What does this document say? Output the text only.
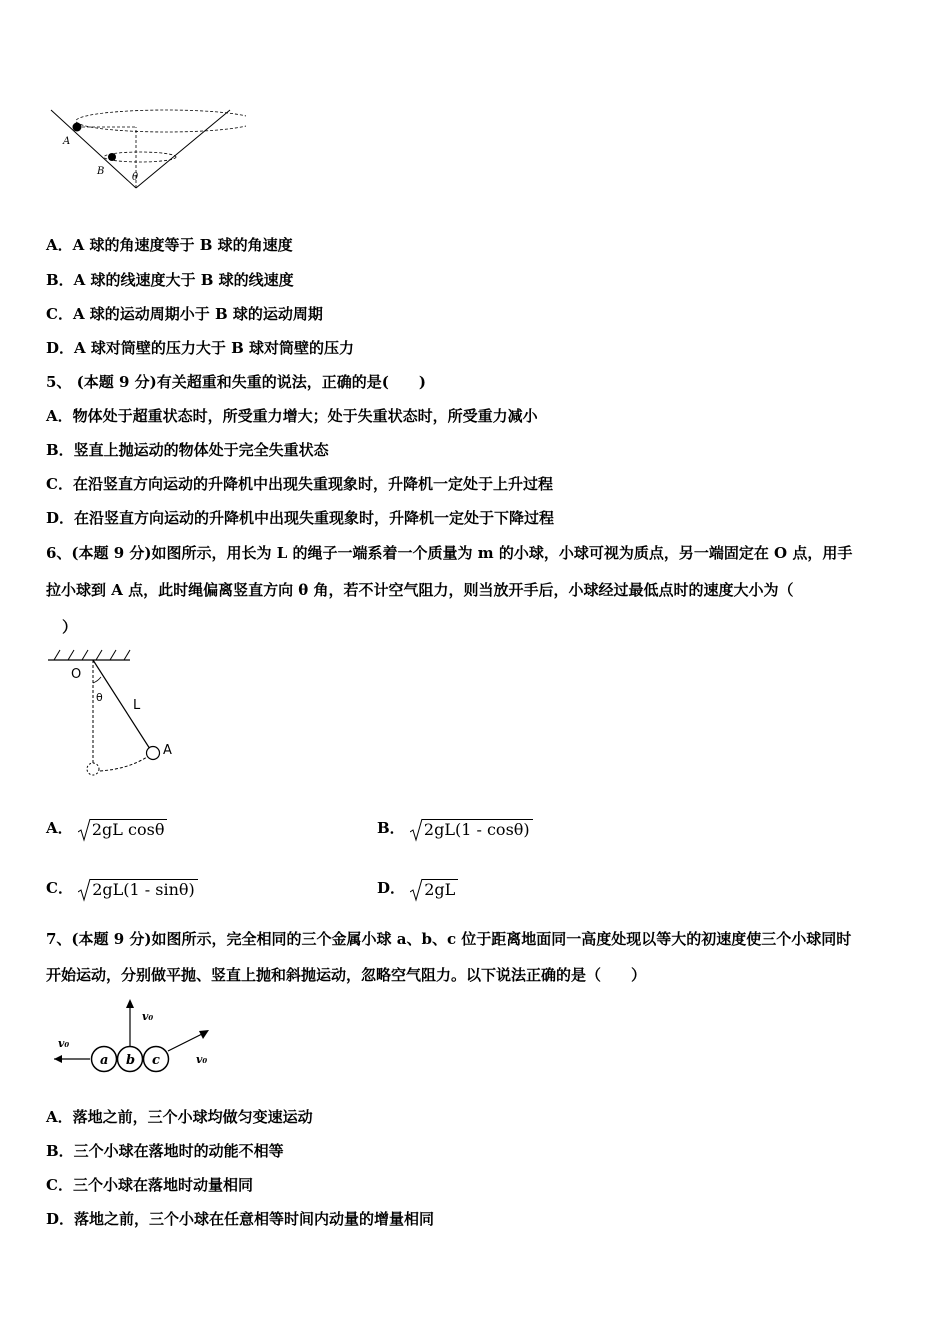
A
B
θ
A．A 球的角速度等于 B 球的角速度
B．A 球的线速度大于 B 球的线速度
C．A 球的运动周期小于 B 球的运动周期
D．A 球对筒壁的压力大于 B 球对筒壁的压力
5、 (本题 9 分)有关超重和失重的说法，正确的是(　　)
A．物体处于超重状态时，所受重力增大；处于失重状态时，所受重力减小
B．竖直上抛运动的物体处于完全失重状态
C．在沿竖直方向运动的升降机中出现失重现象时，升降机一定处于上升过程
D．在沿竖直方向运动的升降机中出现失重现象时，升降机一定处于下降过程
6、(本题 9 分)如图所示，用长为 L 的绳子一端系着一个质量为 m 的小球，小球可视为质点，另一端固定在 O 点，用手
拉小球到 A 点，此时绳偏离竖直方向 θ 角，若不计空气阻力，则当放开手后，小球经过最低点时的速度大小为（
）
O
θ
L
A
A． 2gL cosθ	B． 2gL(1 - cosθ)
C． 2gL(1 - sinθ)	D． 2gL
7、(本题 9 分)如图所示，完全相同的三个金属小球 a、b、c 位于距离地面同一高度处现以等大的初速度使三个小球同时
开始运动，分别做平抛、竖直上抛和斜抛运动，忽略空气阻力。以下说法正确的是（　　）
a b c
v₀
v₀
v₀
A．落地之前，三个小球均做匀变速运动
B．三个小球在落地时的动能不相等
C．三个小球在落地时动量相同
D．落地之前，三个小球在任意相等时间内动量的增量相同
